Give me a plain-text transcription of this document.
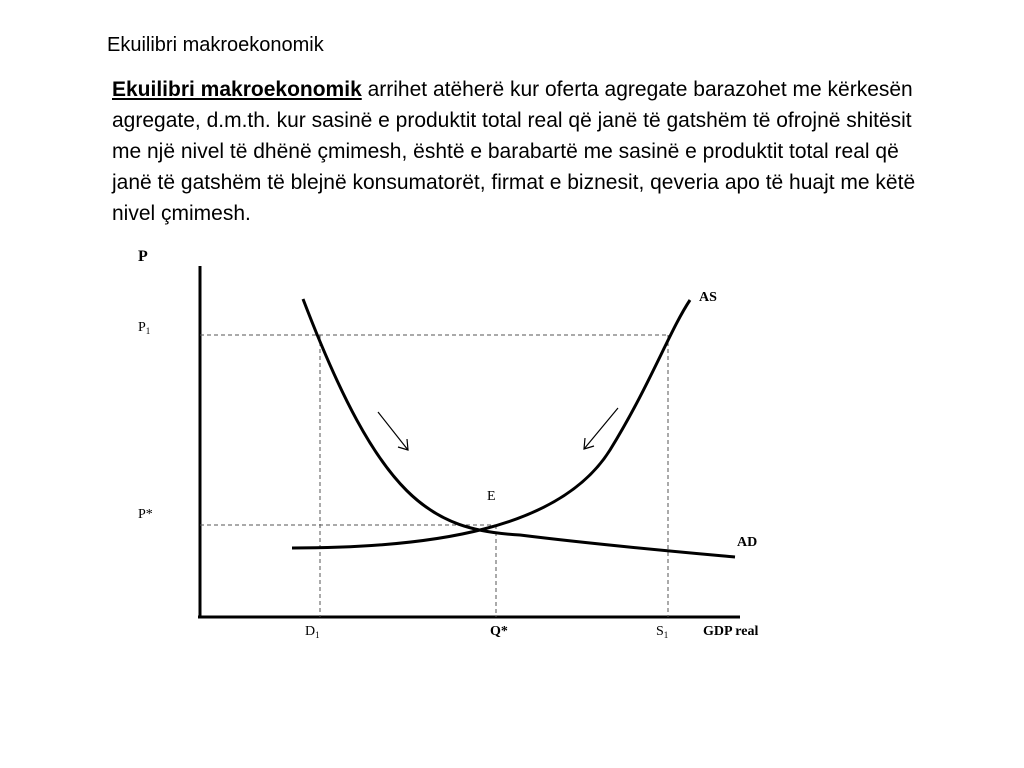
Ekuilibri makroekonomik
Ekuilibri makroekonomik arrihet atëherë kur oferta agregate barazohet me kërkesën agregate, d.m.th. kur sasinë e produktit total real që janë të gatshëm të ofrojnë shitësit me një nivel të dhënë çmimesh, është e barabartë me sasinë e produktit total real që janë të gatshëm të blejnë konsumatorët, firmat e biznesit, qeveria apo të huajt me këtë nivel çmimesh.
P
$P_1$
P*
AS
AD
E
$D_1$	Q*	$S_1$ GDP real
